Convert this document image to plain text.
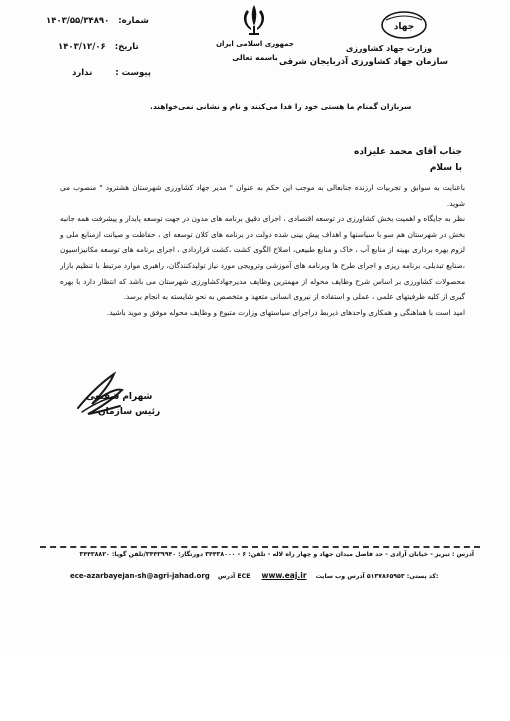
شماره: ۱۴۰۳/۵۵/۳۴۸۹۰
تاریخ: ۱۴۰۳/۱۲/۰۶
پیوست : ندارد
جمهوری اسلامی ایران
باسمه تعالی
جهاد
وزارت جهاد کشاورزی
سازمان جهاد کشاورزی آذربایجان شرقی
سربازان گمنام ما هستی خود را فدا می‌کنند و نام و نشانی نمی‌خواهند.
جناب آقای محمد علیزاده
با سلام

باعنایت به سوابق و تجربیات ارزنده جنابعالی به موجب این حکم به عنوان " مدیر جهاد کشاورزی شهرستان هشترود " منصوب می شوید.

نظر به جایگاه و اهمیت بخش کشاورزی در توسعه اقتصادی ، اجرای دقیق برنامه های مدون در جهت توسعه پایدار و پیشرفت همه جانبه بخش در شهرستان هم سو با سیاستها و اهداف پیش بینی شده دولت در برنامه های کلان توسعه ای ، حفاظت و صیانت ازمنابع ملی و لزوم بهره برداری بهینه از منابع آب ، خاک و منابع طبیعی، اصلاح الگوی کشت ،کشت قراردادی ، اجرای برنامه های توسعه مکانیزاسیون ،صنایع تبدیلی، برنامه ریزی و اجرای طرح ها وبرنامه های آموزشی وترویجی مورد نیاز تولیدکنندگان، راهبری موارد مرتبط با تنظیم بازار محصولات کشاورزی بر اساس شرح وظایف محوله از مهمترین وظایف مدیرجهادکشاورزی شهرستان می باشد که انتظار دارد با بهره گیری از کلیه ظرفیتهای علمی ، عملی و استفاده از نیروی انسانی متعهد و متخصص به نحو شایسته به انجام برسد.

امید است با هماهنگی و همکاری واحدهای ذیربط دراجرای سیاستهای وزارت متبوع و وظایف محوله موفق و موید باشید.

شهرام شفیعی
رئیس سازمان
آدرس : تبریز - خیابان آزادی - حد فاصل میدان جهاد و چهار راه لاله - تلفن: ۶ - ۳۴۴۳۸۰۰۰ دورنگار: ۳۴۴۳۹۹۴۰/تلفن گویا: ۳۴۴۳۸۸۲۰
ece-azarbayejan-sh@agri-jahad.org آدرس ECE www.eaj.ir کد پستی: ۵۱۳۷۸۶۵۹۵۳ آدرس وب سایت:
